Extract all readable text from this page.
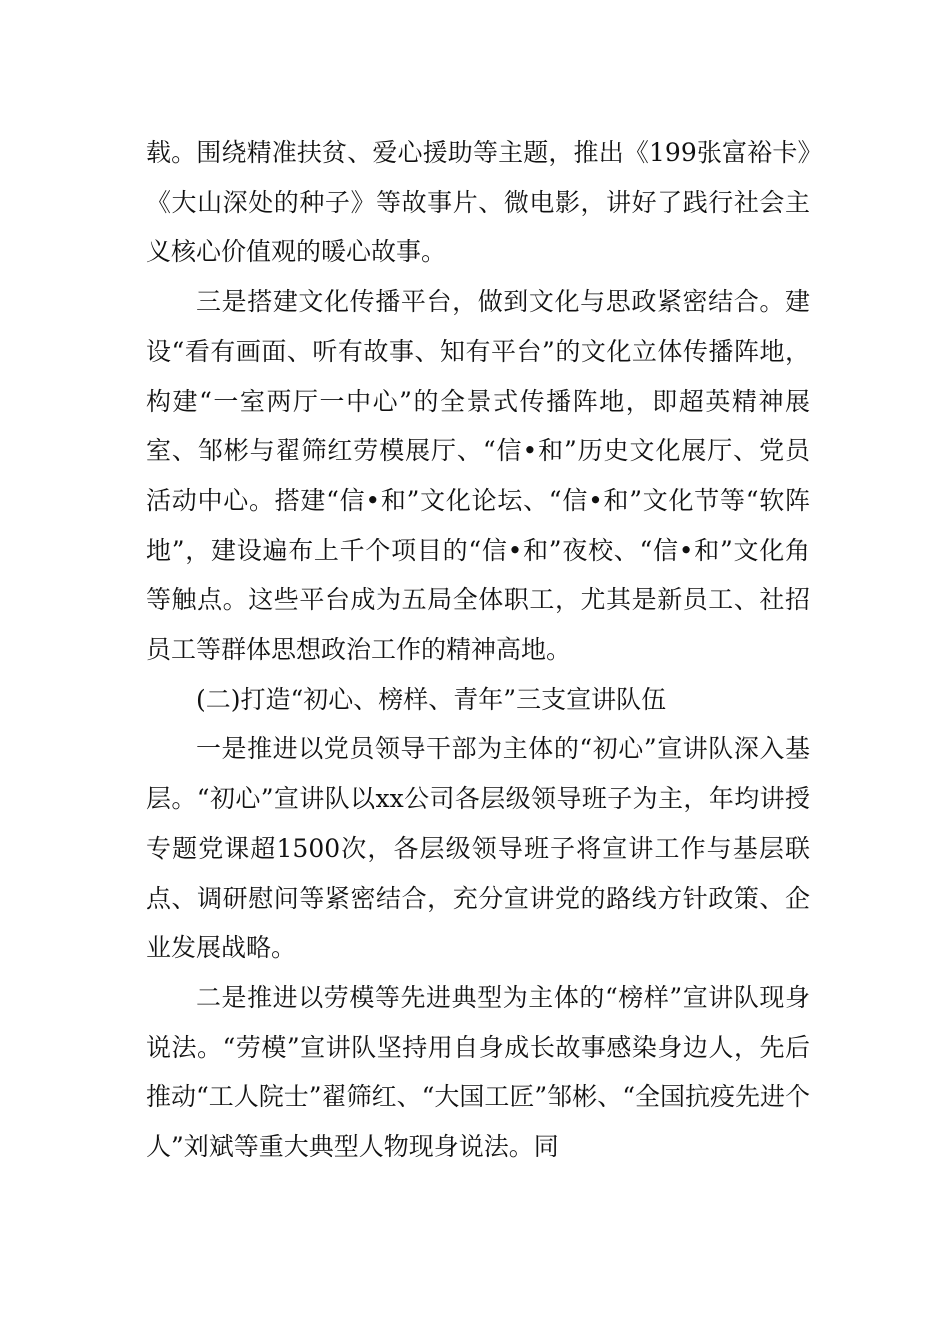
载。围绕精准扶贫、爱心援助等主题，推出《199张富裕卡》《大山深处的种子》等故事片、微电影，讲好了践行社会主义核心价值观的暖心故事。

三是搭建文化传播平台，做到文化与思政紧密结合。建设“看有画面、听有故事、知有平台”的文化立体传播阵地，构建“一室两厅一中心”的全景式传播阵地，即超英精神展室、邹彬与翟筛红劳模展厅、“信•和”历史文化展厅、党员活动中心。搭建“信•和”文化论坛、“信•和”文化节等“软阵地”，建设遍布上千个项目的“信•和”夜校、“信•和”文化角等触点。这些平台成为五局全体职工，尤其是新员工、社招员工等群体思想政治工作的精神高地。

(二)打造“初心、榜样、青年”三支宣讲队伍

一是推进以党员领导干部为主体的“初心”宣讲队深入基层。“初心”宣讲队以xx公司各层级领导班子为主，年均讲授专题党课超1500次，各层级领导班子将宣讲工作与基层联点、调研慰问等紧密结合，充分宣讲党的路线方针政策、企业发展战略。

二是推进以劳模等先进典型为主体的“榜样”宣讲队现身说法。“劳模”宣讲队坚持用自身成长故事感染身边人，先后推动“工人院士”翟筛红、“大国工匠”邹彬、“全国抗疫先进个人”刘斌等重大典型人物现身说法。同
